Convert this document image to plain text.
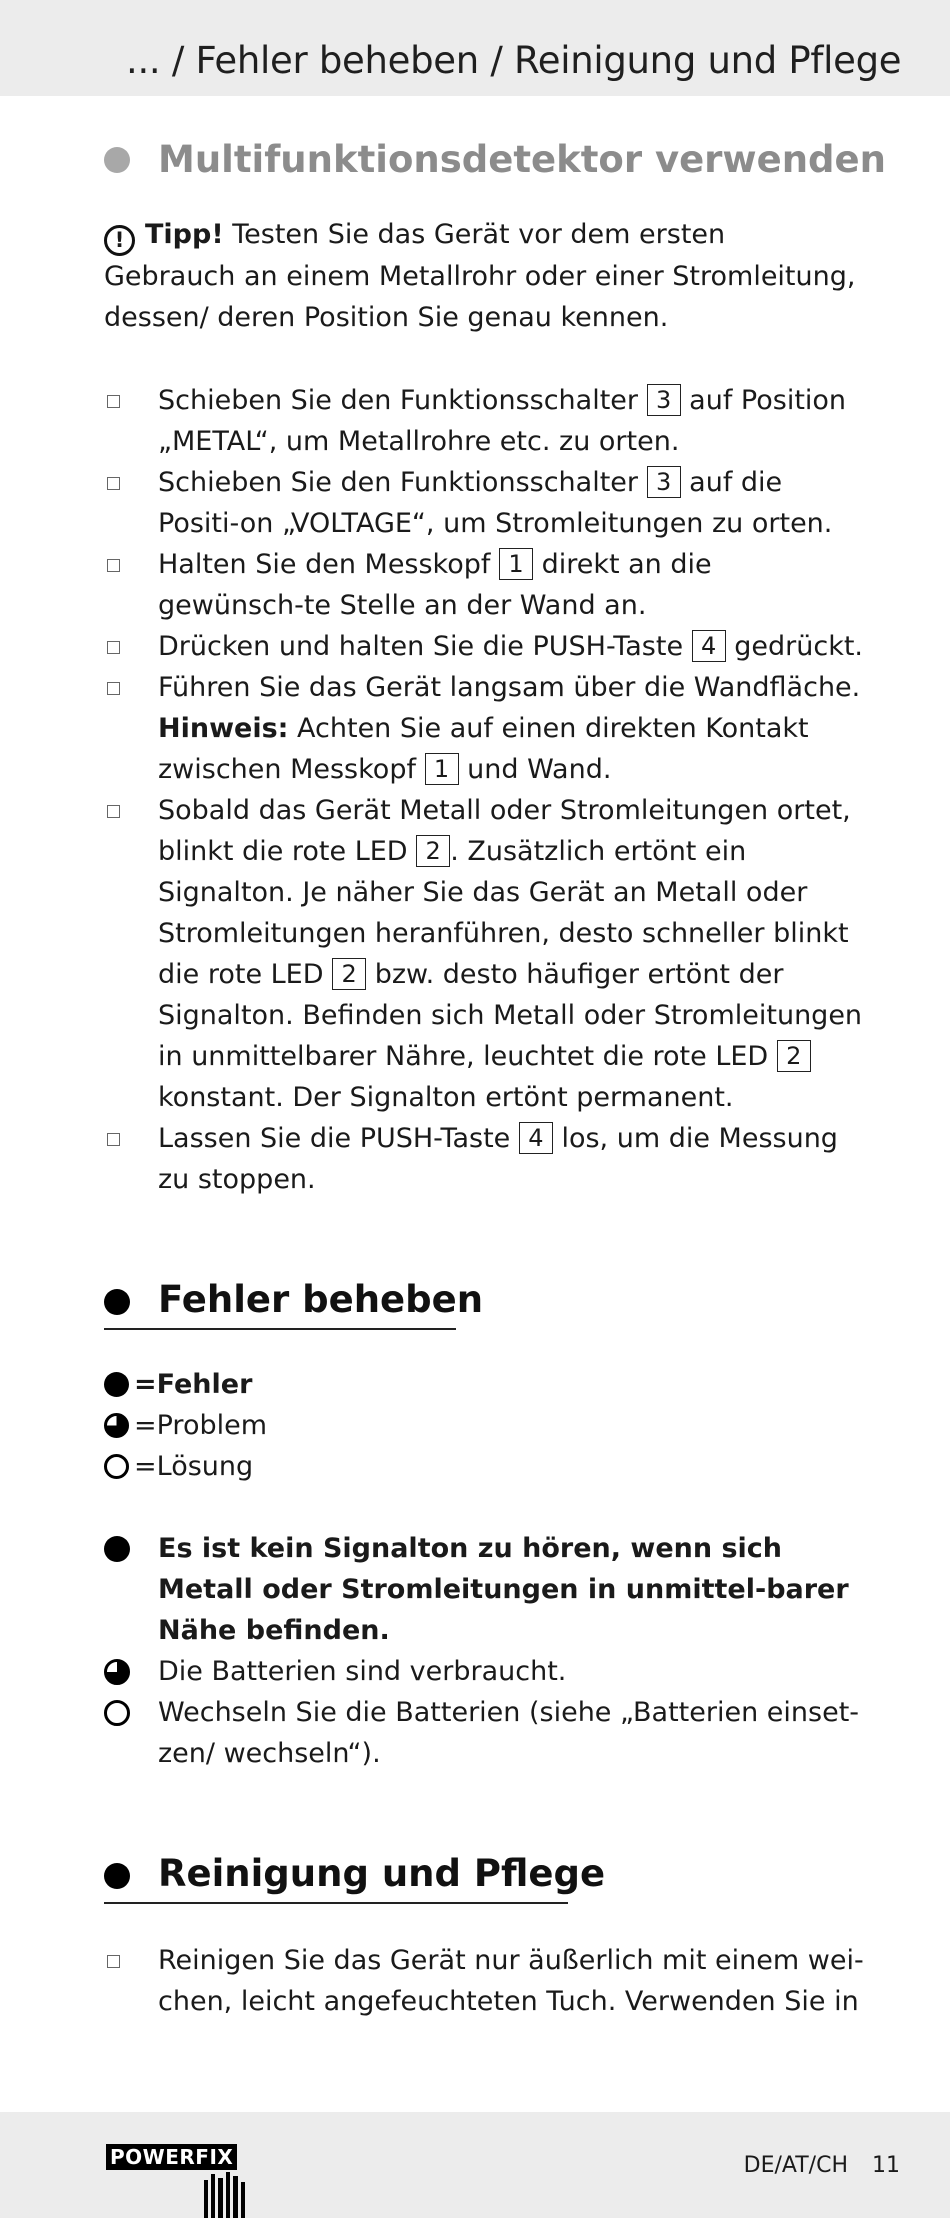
... / Fehler beheben / Reinigung und Pflege
Multifunktionsdetektor verwenden
! Tipp! Testen Sie das Gerät vor dem ersten Gebrauch an einem Metallrohr oder einer Stromleitung, dessen/ deren Position Sie genau kennen.
Schieben Sie den Funktionsschalter 3 auf Position „METAL“, um Metallrohre etc. zu orten.
Schieben Sie den Funktionsschalter 3 auf die Positi-on „VOLTAGE“, um Stromleitungen zu orten.
Halten Sie den Messkopf 1 direkt an die gewünsch-te Stelle an der Wand an.
Drücken und halten Sie die PUSH-Taste 4 gedrückt.
Führen Sie das Gerät langsam über die Wandfläche.
Hinweis: Achten Sie auf einen direkten Kontakt zwischen Messkopf 1 und Wand.
Sobald das Gerät Metall oder Stromleitungen ortet, blinkt die rote LED 2 . Zusätzlich ertönt ein Signalton. Je näher Sie das Gerät an Metall oder Stromleitungen heranführen, desto schneller blinkt die rote LED 2 bzw. desto häufiger ertönt der Signalton. Befinden sich Metall oder Stromleitungen in unmittelbarer Nähre, leuchtet die rote LED 2 konstant. Der Signalton ertönt permanent.
Lassen Sie die PUSH-Taste 4 los, um die Messung zu stoppen.
Fehler beheben
=Fehler
=Problem
=Lösung
Es ist kein Signalton zu hören, wenn sich Metall oder Stromleitungen in unmittel-barer Nähe befinden.
Die Batterien sind verbraucht.
Wechseln Sie die Batterien (siehe „Batterien einset-zen/ wechseln“).
Reinigung und Pflege
Reinigen Sie das Gerät nur äußerlich mit einem wei-chen, leicht angefeuchteten Tuch. Verwenden Sie in
POWERFIX	DE/AT/CH 11
